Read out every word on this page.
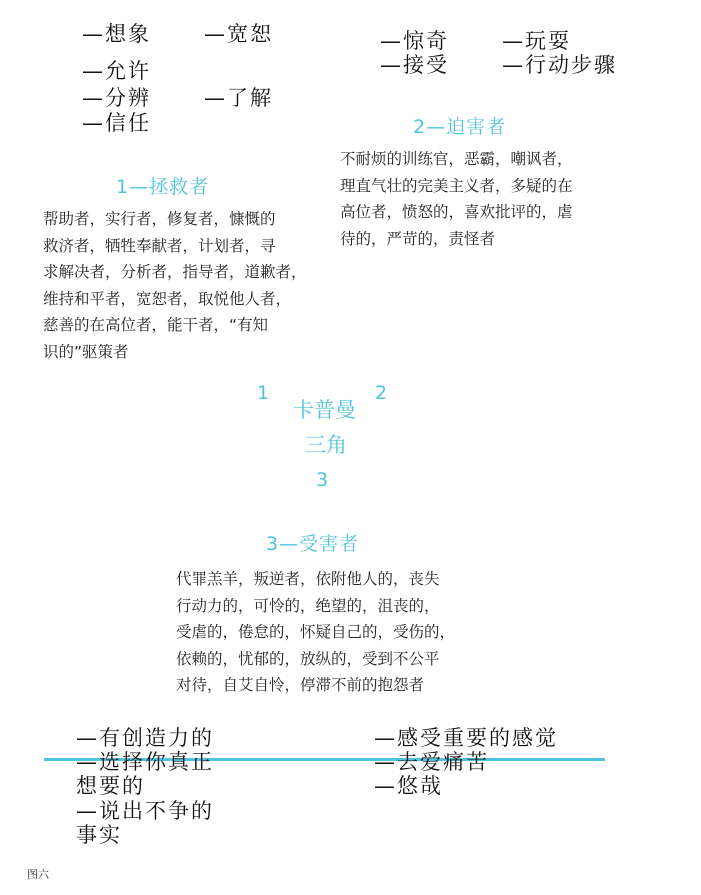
—想象	—宽恕
—允许
—分辨	—了解
—信任
—惊奇	—玩耍
—接受	—行动步骤
2—迫害者
不耐烦的训练官，恶霸，嘲讽者，
理直气壮的完美主义者，多疑的在
高位者，愤怒的，喜欢批评的，虐
待的，严苛的，责怪者
1—拯救者
帮助者，实行者，修复者，慷慨的
救济者，牺牲奉献者，计划者，寻
求解决者，分析者，指导者，道歉者，
维持和平者，宽恕者，取悦他人者，
慈善的在高位者，能干者，“有知
识的”驱策者
1	2
卡普曼
三角
3
3—受害者
代罪羔羊，叛逆者，依附他人的，丧失
行动力的，可怜的，绝望的，沮丧的，
受虐的，倦怠的，怀疑自己的，受伤的，
依赖的，忧郁的，放纵的，受到不公平
对待，自艾自怜，停滞不前的抱怨者
—有创造力的
—选择你真正
想要的
—说出不争的
事实
—感受重要的感觉
—去爱痛苦
—悠哉
图六
